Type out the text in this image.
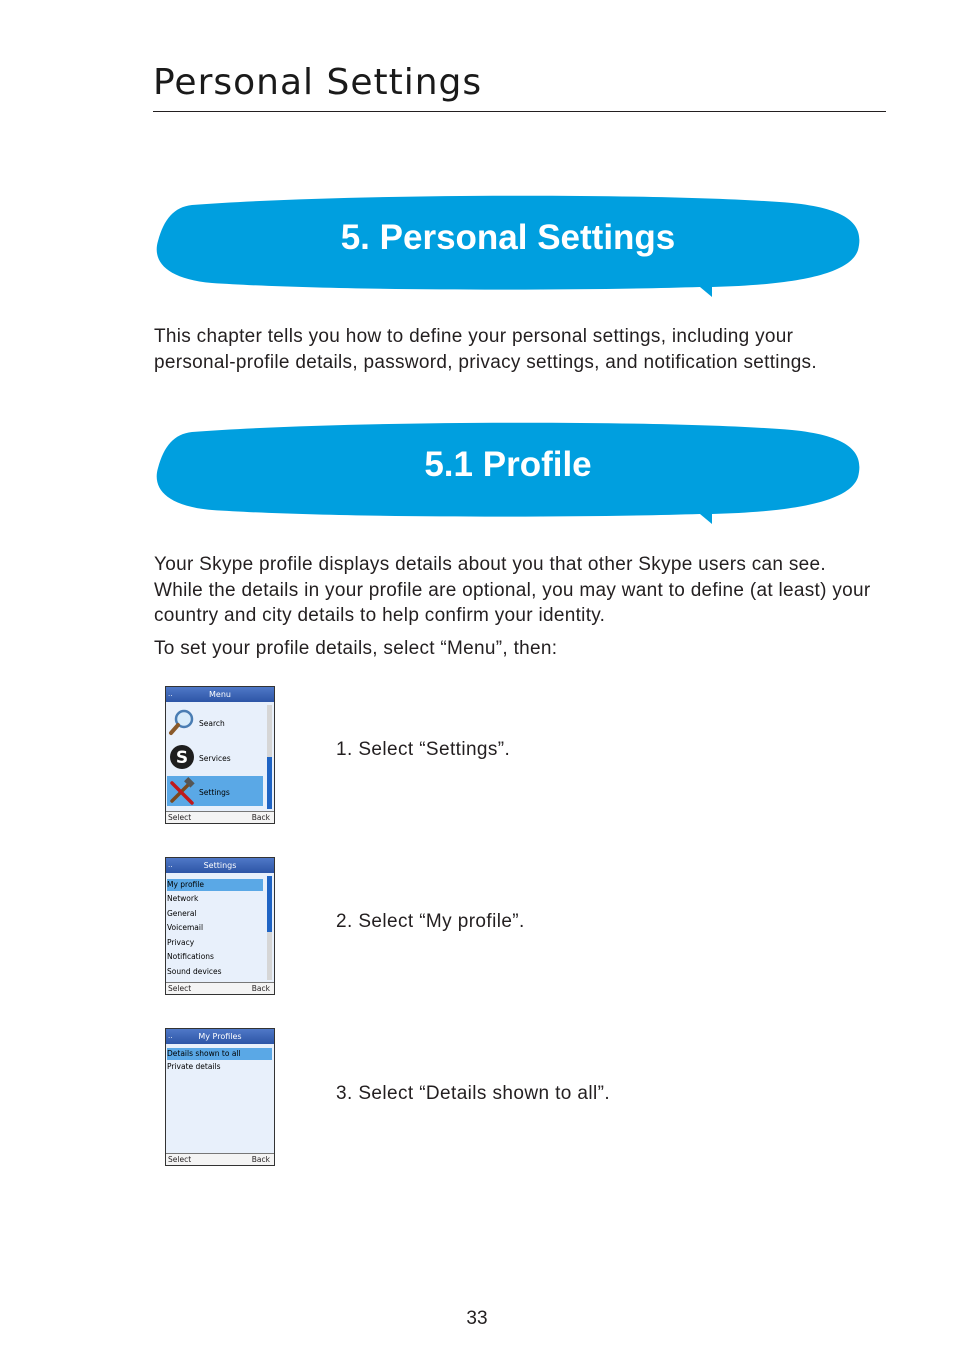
Personal Settings
5. Personal Settings

This chapter tells you how to define your personal settings, including your personal-profile details, password, privacy settings, and notification settings.

5.1 Profile

Your Skype profile displays details about you that other Skype users can see. While the details in your profile are optional, you may want to define (at least) your country and city details to help confirm your identity.

To set your profile details, select “Menu”, then:

..	Menu
Search
S Services
Settings
Select	Back

1. Select “Settings”.

..	Settings
My profile
Network
General
Voicemail
Privacy
Notifications
Sound devices
Select	Back

2. Select “My profile”.

..	My Profiles
Details shown to all
Private details
Select	Back

3. Select “Details shown to all”.

33
